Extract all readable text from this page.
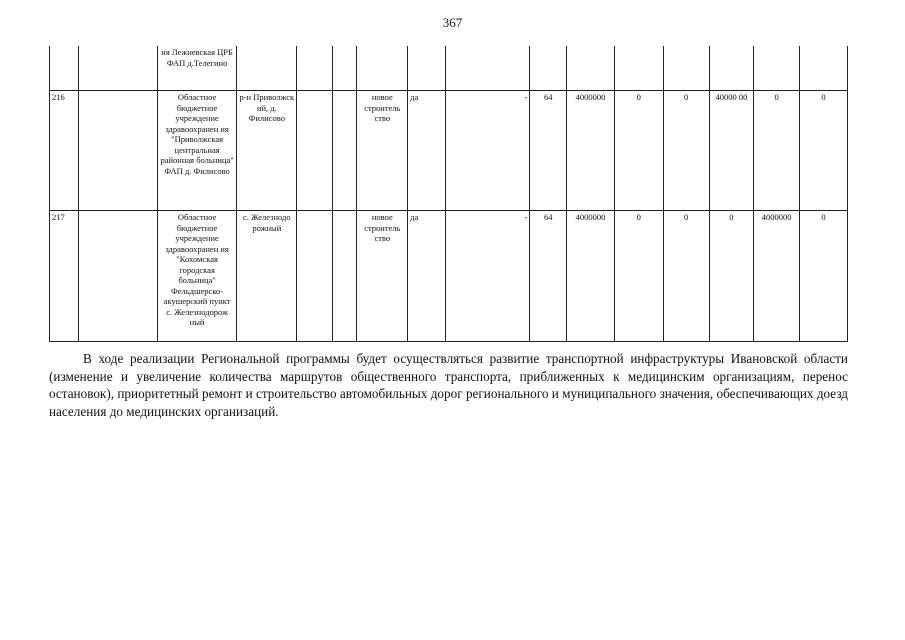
367
		ия Лежневская ЦРБ ФАП д.Телегино													
216		Областное бюджетное учреждение здравоохранен ия "Приволжская центральная районная больница" ФАП д. Филисово	р-н Приволжск ий, д. Филисово			новое строитель ство	да	-	64	4000000	0	0	40000 00	0	0
217		Областное бюджетное учреждение здравоохранен ия "Кохомская городская больница" Фельдшерско-акушерский пункт с. Железнодорож ный	с. Железнодо рожный			новое строитель ство	да	-	64	4000000	0	0	0	4000000	0
В ходе реализации Региональной программы будет осуществляться развитие транспортной инфраструктуры Ивановской области (изменение и увеличение количества маршрутов общественного транспорта, приближенных к медицинским организациям, перенос остановок), приоритетный ремонт и строительство автомобильных дорог регионального и муниципального значения, обеспечивающих доезд населения до медицинских организаций.
